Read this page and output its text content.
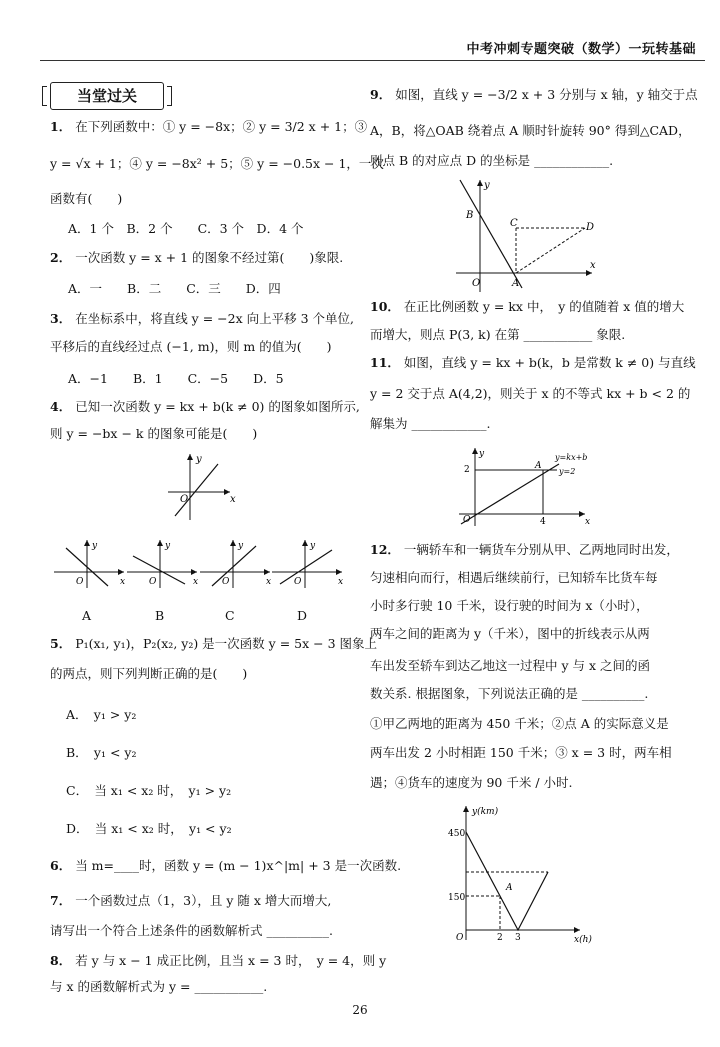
中考冲刺专题突破（数学）一玩转基础
当堂过关
1． 在下列函数中：① y = −8x；② y = 3/2 x + 1；③
y = √x + 1；④ y = −8x² + 5；⑤ y = −0.5x − 1，一次
函数有(　　)
A．1 个　B．2 个　　C．3 个　D．4 个
2． 一次函数 y = x + 1 的图象不经过第(　　)象限.
A．一　　B．二　　C．三　　D．四
3． 在坐标系中，将直线 y = −2x 向上平移 3 个单位,
平移后的直线经过点 (−1, m)，则 m 的值为(　　)
A．−1　　B．1　　C．−5　　D．5
4． 已知一次函数 y = kx + b(k ≠ 0) 的图象如图所示,
则 y = −bx − k 的图象可能是(　　)
y
x
O
y
x
O
y
x
O
y
x
O
y
x
O
A	B	C	D
5． P₁(x₁, y₁)，P₂(x₂, y₂) 是一次函数 y = 5x − 3 图象上
的两点，则下列判断正确的是(　　)
A．　y₁ > y₂
B．　y₁ < y₂
C．　当 x₁ < x₂ 时，　y₁ > y₂
D．　当 x₁ < x₂ 时，　y₁ < y₂
6． 当 m=____时，函数 y = (m − 1)x^|m| + 3 是一次函数.
7． 一个函数过点（1，3），且 y 随 x 增大而增大,
请写出一个符合上述条件的函数解析式 __________.
8． 若 y 与 x − 1 成正比例，且当 x = 3 时，　y = 4，则 y
与 x 的函数解析式为 y = ___________.
9． 如图，直线 y = −3/2 x + 3 分别与 x 轴，y 轴交于点
A，B，将△OAB 绕着点 A 顺时针旋转 90° 得到△CAD，
则点 B 的对应点 D 的坐标是 ____________.
y
x
O	A
B
C	D
10． 在正比例函数 y = kx 中，　y 的值随着 x 值的增大
而增大，则点 P(3, k) 在第 ___________ 象限.
11． 如图，直线 y = kx + b(k，b 是常数 k ≠ 0) 与直线
y = 2 交于点 A(4,2)，则关于 x 的不等式 kx + b < 2 的
解集为 ____________.
y
x
O
A
2
4
y=kx+b
y=2
12． 一辆轿车和一辆货车分别从甲、乙两地同时出发，
匀速相向而行，相遇后继续前行，已知轿车比货车每
小时多行驶 10 千米，设行驶的时间为 x（小时），
两车之间的距离为 y（千米），图中的折线表示从两
车出发至轿车到达乙地这一过程中 y 与 x 之间的函
数关系. 根据图象，下列说法正确的是 __________.
①甲乙两地的距离为 450 千米；②点 A 的实际意义是
两车出发 2 小时相距 150 千米；③ x = 3 时，两车相
遇；④货车的速度为 90 千米 / 小时.
y(km)
x(h)
O
A
450
150
2 3
26
